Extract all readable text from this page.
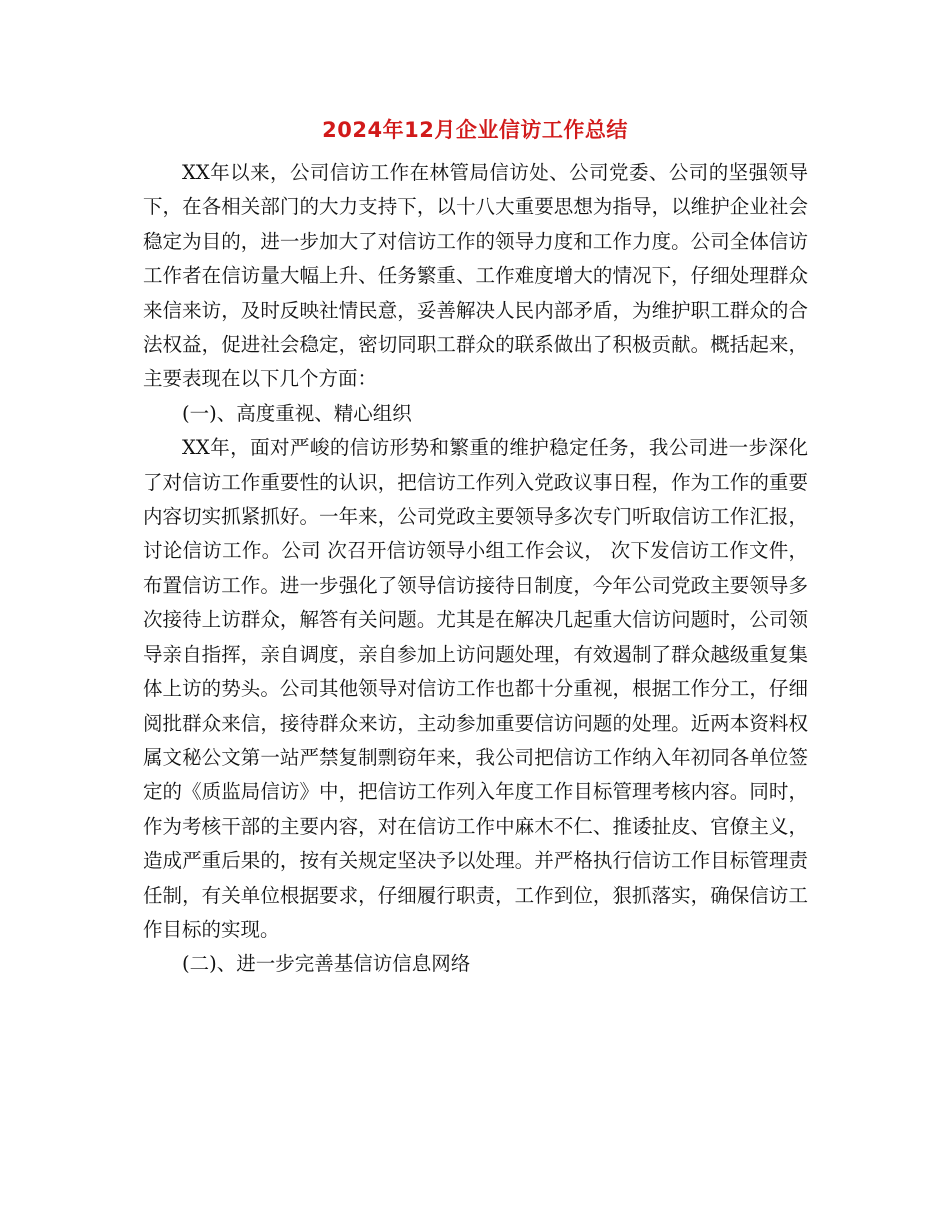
2024年12月企业信访工作总结

XX年以来，公司信访工作在林管局信访处、公司党委、公司的坚强领导下，在各相关部门的大力支持下，以十八大重要思想为指导，以维护企业社会稳定为目的，进一步加大了对信访工作的领导力度和工作力度。公司全体信访工作者在信访量大幅上升、任务繁重、工作难度增大的情况下，仔细处理群众来信来访，及时反映社情民意，妥善解决人民内部矛盾，为维护职工群众的合法权益，促进社会稳定，密切同职工群众的联系做出了积极贡献。概括起来，主要表现在以下几个方面：

(一)、高度重视、精心组织

XX年，面对严峻的信访形势和繁重的维护稳定任务，我公司进一步深化了对信访工作重要性的认识，把信访工作列入党政议事日程，作为工作的重要内容切实抓紧抓好。一年来，公司党政主要领导多次专门听取信访工作汇报，讨论信访工作。公司 次召开信访领导小组工作会议， 次下发信访工作文件，布置信访工作。进一步强化了领导信访接待日制度，今年公司党政主要领导多次接待上访群众，解答有关问题。尤其是在解决几起重大信访问题时，公司领导亲自指挥，亲自调度，亲自参加上访问题处理，有效遏制了群众越级重复集体上访的势头。公司其他领导对信访工作也都十分重视，根据工作分工，仔细阅批群众来信，接待群众来访，主动参加重要信访问题的处理。近两本资料权属文秘公文第一站严禁复制剽窃年来，我公司把信访工作纳入年初同各单位签定的《质监局信访》中，把信访工作列入年度工作目标管理考核内容。同时，作为考核干部的主要内容，对在信访工作中麻木不仁、推诿扯皮、官僚主义，造成严重后果的，按有关规定坚决予以处理。并严格执行信访工作目标管理责任制，有关单位根据要求，仔细履行职责，工作到位，狠抓落实，确保信访工作目标的实现。

(二)、进一步完善基信访信息网络
